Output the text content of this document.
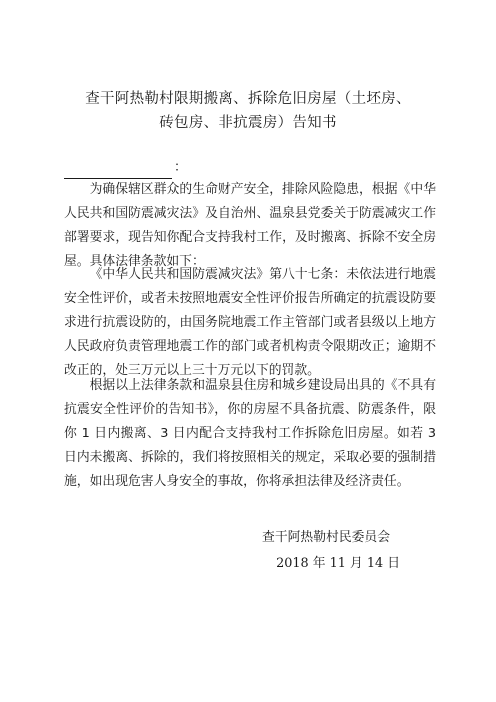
查干阿热勒村限期搬离、拆除危旧房屋（土坯房、
砖包房、非抗震房）告知书
：

为确保辖区群众的生命财产安全，排除风险隐患，根据《中华人民共和国防震减灾法》及自治州、温泉县党委关于防震减灾工作部署要求，现告知你配合支持我村工作，及时搬离、拆除不安全房屋。具体法律条款如下：

《中华人民共和国防震减灾法》第八十七条：未依法进行地震安全性评价，或者未按照地震安全性评价报告所确定的抗震设防要求进行抗震设防的，由国务院地震工作主管部门或者县级以上地方人民政府负责管理地震工作的部门或者机构责令限期改正；逾期不改正的，处三万元以上三十万元以下的罚款。

根据以上法律条款和温泉县住房和城乡建设局出具的《不具有抗震安全性评价的告知书》，你的房屋不具备抗震、防震条件，限你 1 日内搬离、3 日内配合支持我村工作拆除危旧房屋。如若 3 日内未搬离、拆除的，我们将按照相关的规定，采取必要的强制措施，如出现危害人身安全的事故，你将承担法律及经济责任。

查干阿热勒村民委员会
2018 年 11 月 14 日
